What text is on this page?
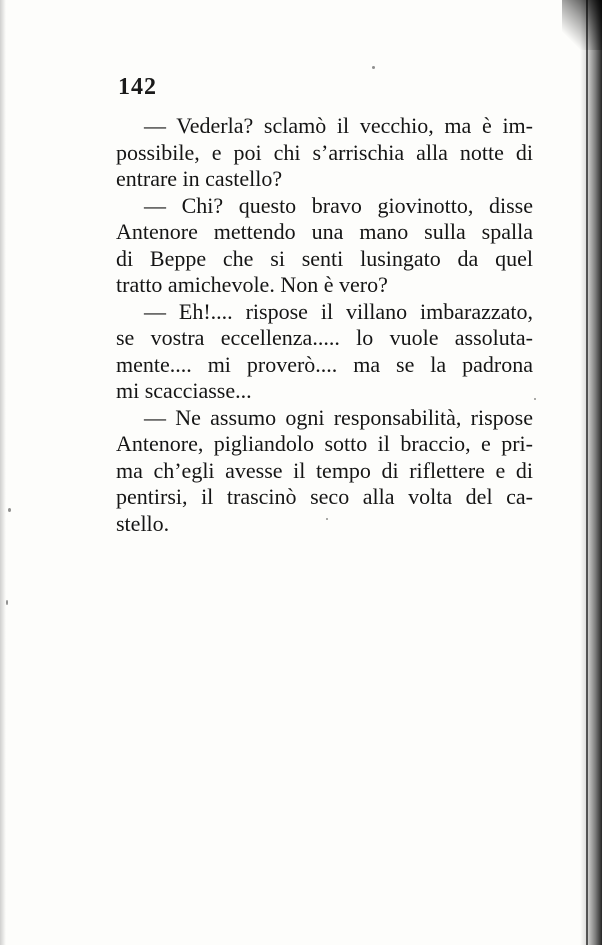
142
— Vederla? sclamò il vecchio, ma è im-
possibile, e poi chi s’arrischia alla notte di
entrare in castello?
— Chi? questo bravo giovinotto, disse
Antenore mettendo una mano sulla spalla
di Beppe che si senti lusingato da quel
tratto amichevole. Non è vero?
— Eh!.... rispose il villano imbarazzato,
se vostra eccellenza..... lo vuole assoluta-
mente.... mi proverò.... ma se la padrona
mi scacciasse...
— Ne assumo ogni responsabilità, rispose
Antenore, pigliandolo sotto il braccio, e pri-
ma ch’egli avesse il tempo di riflettere e di
pentirsi, il trascinò seco alla volta del ca-
stello.
